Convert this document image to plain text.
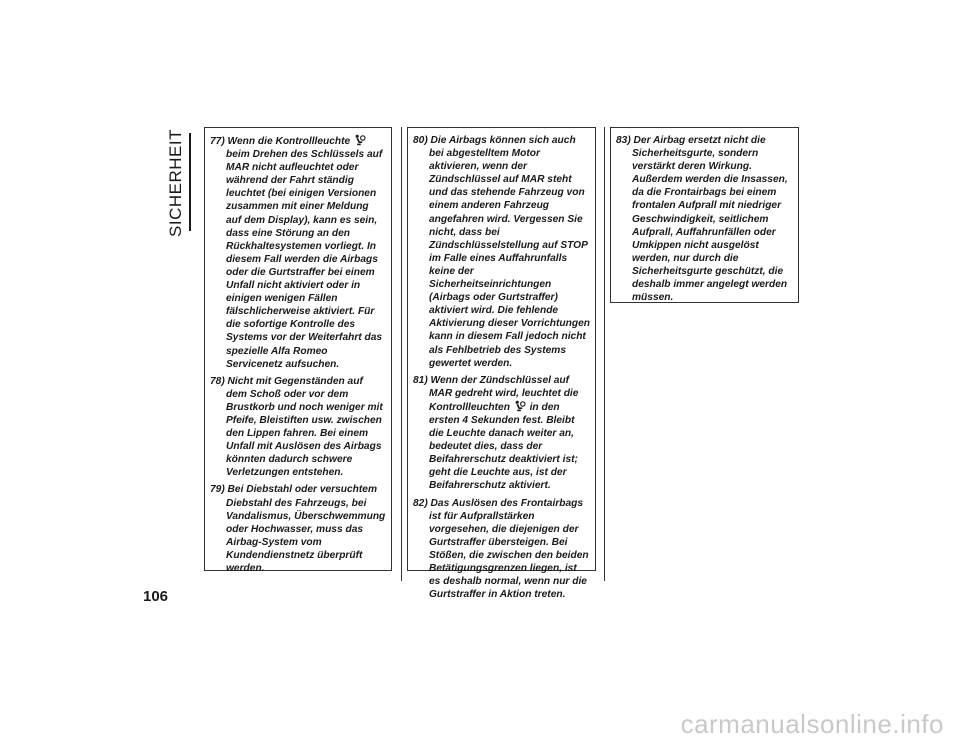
SICHERHEIT 77) Wenn die Kontrollleuchte  beim Drehen des Schlüssels auf MAR nicht aufleuchtet oder während der Fahrt ständig leuchtet (bei einigen Versionen zusammen mit einer Meldung auf dem Display), kann es sein, dass eine Störung an den Rückhaltesystemen vorliegt. In diesem Fall werden die Airbags oder die Gurtstraffer bei einem Unfall nicht aktiviert oder in einigen wenigen Fällen fälschlicherweise aktiviert. Für die sofortige Kontrolle des Systems vor der Weiterfahrt das spezielle Alfa Romeo Servicenetz aufsuchen.

78) Nicht mit Gegenständen auf dem Schoß oder vor dem Brustkorb und noch weniger mit Pfeife, Bleistiften usw. zwischen den Lippen fahren. Bei einem Unfall mit Auslösen des Airbags könnten dadurch schwere Verletzungen entstehen.

79) Bei Diebstahl oder versuchtem Diebstahl des Fahrzeugs, bei Vandalismus, Überschwemmung oder Hochwasser, muss das Airbag-System vom Kundendienstnetz überprüft werden.

80) Die Airbags können sich auch bei abgestelltem Motor aktivieren, wenn der Zündschlüssel auf MAR steht und das stehende Fahrzeug von einem anderen Fahrzeug angefahren wird. Vergessen Sie nicht, dass bei Zündschlüsselstellung auf STOP im Falle eines Auffahrunfalls keine der Sicherheitseinrichtungen (Airbags oder Gurtstraffer) aktiviert wird. Die fehlende Aktivierung dieser Vorrichtungen kann in diesem Fall jedoch nicht als Fehlbetrieb des Systems gewertet werden.

81) Wenn der Zündschlüssel auf MAR gedreht wird, leuchtet die Kontrollleuchten  in den ersten 4 Sekunden fest. Bleibt die Leuchte danach weiter an, bedeutet dies, dass der Beifahrerschutz deaktiviert ist; geht die Leuchte aus, ist der Beifahrerschutz aktiviert.

82) Das Auslösen des Frontairbags ist für Aufprallstärken vorgesehen, die diejenigen der Gurtstraffer übersteigen. Bei Stößen, die zwischen den beiden Betätigungsgrenzen liegen, ist es deshalb normal, wenn nur die Gurtstraffer in Aktion treten.

83) Der Airbag ersetzt nicht die Sicherheitsgurte, sondern verstärkt deren Wirkung. Außerdem werden die Insassen, da die Frontairbags bei einem frontalen Aufprall mit niedriger Geschwindigkeit, seitlichem Aufprall, Auffahrunfällen oder Umkippen nicht ausgelöst werden, nur durch die Sicherheitsgurte geschützt, die deshalb immer angelegt werden müssen.

106
carmanualsonline.info
